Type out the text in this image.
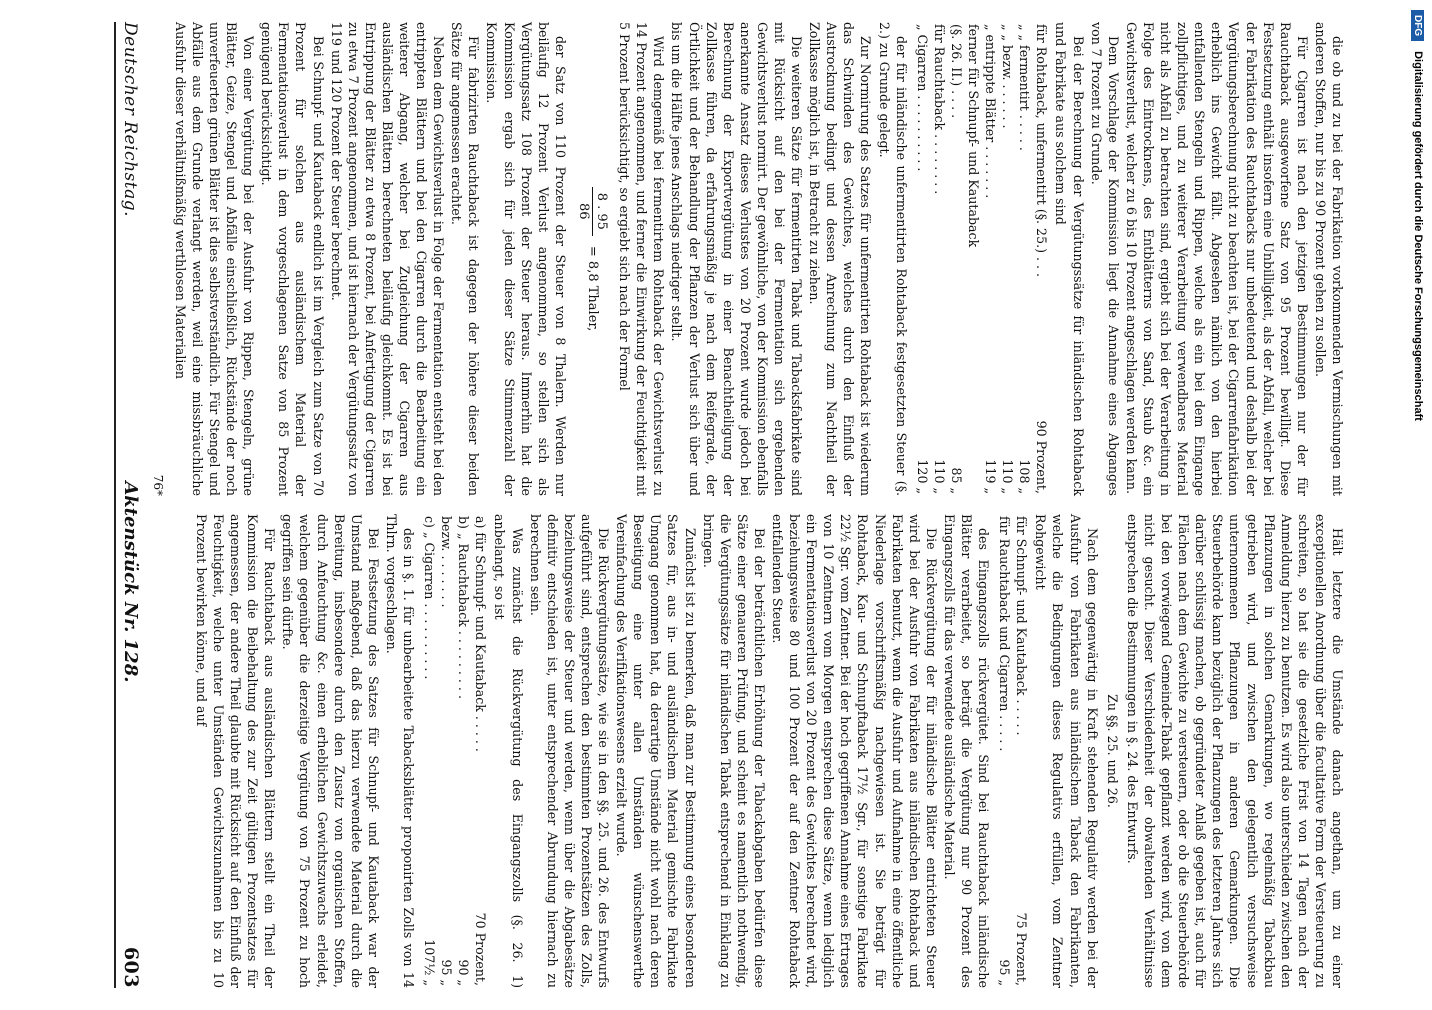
Deutscher Reichstag.
Aktenstück Nr. 128.
603	Hält letztere die Umstände danach angethan, um zu einer exceptionellen Anordnung über die facultative Form der Versteuerung zu schreiten, so hat sie die gesetzliche Frist von 14 Tagen nach der Anmeldung hierzu zu benutzen. Es wird also unterschieden zwischen den Pflanzungen in solchen Gemarkungen, wo regelmäßig Tabackbau getrieben wird, und zwischen den gelegentlich versuchsweise unternommenen Pflanzungen in anderen Gemarkungen. Die Steuerbehörde kann bezüglich der Pflanzungen des letzteren Jahres sich darüber schlüssig machen, ob gegründeter Anlaß gegeben ist, auch für Flächen nach dem Gewichte zu versteuern, oder ob die Steuerbehörde bei den vorwiegend Gemeinde-Tabak gepflanzt werden wird, von dem nicht gesucht. Dieser Verschiedenheit der obwaltenden Verhältnisse entsprechen die Bestimmungen in §. 24. des Entwurfs.

Zu §§. 25. und 26.

Nach dem gegenwärtig in Kraft stehenden Regulativ werden bei der Ausfuhr von Fabrikaten aus inländischem Taback den Fabrikanten, welche die Bedingungen dieses Regulativs erfüllen, vom Zentner Rohgewicht

für Schnupf- und Kautaback . . . . .	75 Prozent,
für Rauchtaback und Cigarren . . . . .	95 „

des Eingangszolls rückvergütet. Sind bei Rauchtaback inländische Blätter verarbeitet, so beträgt die Vergütung nur 90 Prozent des Eingangszolls für das verwendete ausländische Material.

Die Rückvergütung der für inländische Blätter entrichteten Steuer wird bei der Ausfuhr von Fabrikaten aus inländischen Rohtaback und Fabrikaten benutzt, wenn die Ausfuhr und Aufnahme in eine öffentliche Niederlage vorschriftsmäßig nachgewiesen ist. Sie beträgt für Rohtaback, Kau- und Schnupftaback 17½ Sgr., für sonstige Fabrikate 22½ Sgr. vom Zentner. Bei der hoch gegriffenen Annahme eines Ertrages von 10 Zentnern vom Morgen entsprechen diese Sätze, wenn lediglich ein Fermentationsverlust von 20 Prozent des Gewichtes berechnet wird, beziehungsweise 80 und 100 Prozent der auf den Zentner Rohtaback entfallenden Steuer.

Bei der beträchtlichen Erhöhung der Tabackabgaben bedürfen diese Sätze einer genaueren Prüfung, und scheint es namentlich nothwendig, die Vergütungssätze für inländischen Tabak entsprechend in Einklang zu bringen.

Zunächst ist zu bemerken, daß man zur Bestimmung eines besonderen Satzes für, aus in- und ausländischem Material gemischte Fabrikate Umgang genommen hat, da derartige Umstände nicht wohl nach deren Beseitigung eine unter allen Umständen wünschenswerthe Vereinfachung des Verifikationswesens erzielt wurde.

Die Rückvergütungssätze, wie sie in den §§. 25. und 26. des Entwurfs aufgeführt sind, entsprechen den bestimmten Prozentsätzen des Zolls, beziehungsweise der Steuer und werden, wenn über die Abgabesätze definitiv entschieden ist, unter entsprechender Abrundung hiernach zu berechnen sein.

Was zunächst die Rückvergütung des Eingangszolls (§. 26. 1) anbelangt, so ist

a) für Schnupf- und Kautaback . . . . .	70 Prozent,
b) „ Rauchtaback . . . . . . . . .	90 „
bezw. . . . . . . .	95 „
c) „ Cigarren . . . . . . . . . .	107½ „

des in §. 1. für unbearbeitete Tabacksblätter proponirten Zolls von 14 Thlrn. vorgeschlagen.

Bei Festsetzung des Satzes für Schnupf- und Kautaback war der Umstand maßgebend, daß das hierzu verwendete Material durch die Bereitung, insbesondere durch den Zusatz von organischen Stoffen, durch Anfeuchtung &c. einen erheblichen Gewichtszuwachs erleidet, welchem gegenüber die derzeitige Vergütung von 75 Prozent zu hoch gegriffen sein dürfte.

Für Rauchtaback aus ausländischen Blättern stellt ein Theil der Kommission die Beibehaltung des zur Zeit gültigen Prozentsatzes für angemessen, der andere Theil glaubte mit Rücksicht auf den Einfluß der Feuchtigkeit, welche unter Umständen Gewichtszunahmen bis zu 10 Prozent bewirken könne, und auf

die ob und zu bei der Fabrikation vorkommenden Vermischungen mit anderen Stoffen, nur bis zu 90 Prozent gehen zu sollen.

Für Cigarren ist nach den jetzigen Bestimmungen nur der für Rauchtaback ausgeworfene Satz von 95 Prozent bewilligt. Diese Festsetzung enthält insofern eine Unbilligkeit, als der Abfall, welcher bei der Fabrikation des Rauchtabacks nur unbedeutend und deshalb bei der Vergütungsberechnung nicht zu beachten ist, bei der Cigarrenfabrikation erheblich ins Gewicht fällt. Abgesehen nämlich von den hierbei entfallenden Stengeln und Rippen, welche als ein bei dem Eingange zollpflichtiges, und zu weiterer Verarbeitung verwendbares Material nicht als Abfall zu betrachten sind, ergiebt sich bei der Verarbeitung in Folge des Eintrocknens, des Entblätterns von Sand, Staub &c. ein Gewichtsverlust, welcher zu 6 bis 10 Prozent angeschlagen werden kann.

Dem Vorschlage der Kommission liegt die Annahme eines Abganges von 7 Prozent zu Grunde.

Bei der Berechnung der Vergütungssätze für inländischen Rohtaback und Fabrikate aus solchem sind

für Rohtaback, unfermentirt (§. 25.) . . .	90 Prozent,
„ „ fermentirt . . . . .	108 „
„ „ bezw. . . . . . .	110 „
„ entrippte Blätter . . . . . . .	119 „
ferner für Schnupf- und Kautaback	
(§. 26. II.) . . . .	85 „
für Rauchtaback . . . . . . . .	110 „
„ Cigarren . . . . . . . . . .	120 „

der für inländische unfermentirten Rohtaback festgesetzten Steuer (§. 2.) zu Grunde gelegt.

Zur Normirung des Satzes für unfermentirten Rohtaback ist wiederum das Schwinden des Gewichtes, welches durch den Einfluß der Austrocknung bedingt und dessen Anrechnung zum Nachtheil der Zollkasse möglich ist, in Betracht zu ziehen.

Die weiteren Sätze für fermentirten Tabak und Tabacksfabrikate sind mit Rücksicht auf den bei der Fermentation sich ergebenden Gewichtsverlust normirt. Der gewöhnliche, von der Kommission ebenfalls anerkannte Ansatz dieses Verlustes von 20 Prozent wurde jedoch bei Berechnung der Exportvergütung in einer Benachtheiligung der Zollkasse führen, da erfahrungsmäßig je nach dem Reifegrade, der Örtlichkeit und der Behandlung der Pflanzen der Verlust sich über und bis um die Hälfte jenes Anschlags niedriger stellt.

Wird demgemäß bei fermentirtem Rohtaback der Gewichtsverlust zu 14 Prozent angenommen, und ferner die Einwirkung der Feuchtigkeit mit 5 Prozent berücksichtigt, so ergiebt sich nach der Formel

8 . 95
86
= 8,8 Thaler,

der Satz von 110 Prozent der Steuer von 8 Thalern. Werden nur beiläufig 12 Prozent Verlust angenommen, so stellen sich als Vergütungssatz 108 Prozent der Steuer heraus. Immerhin hat die Kommission ergab sich für jeden dieser Sätze Stimmenzahl der Kommission.

Für fabrizirten Rauchtaback ist dagegen der höhere dieser beiden Sätze für angemessen erachtet.

Neben dem Gewichtsverlust in Folge der Fermentation entsteht bei den entrippten Blättern und bei den Cigarren durch die Bearbeitung ein weiterer Abgang, welcher bei Zugleichung der Cigarren aus ausländischen Blättern berechneten beiläufig gleichkommt. Es ist bei Entrippung der Blätter zu etwa 8 Prozent, bei Anfertigung der Cigarren zu etwa 7 Prozent angenommen, und ist hiernach der Vergütungssatz von 119 und 120 Prozent der Steuer berechnet.

Bei Schnupf- und Kautaback endlich ist im Vergleich zum Satze von 70 Prozent für solchen aus ausländischem Material der Fermentationsverlust in dem vorgeschlagenen Satze von 85 Prozent genügend berücksichtigt.

Von einer Vergütung bei der Ausfuhr von Rippen, Stengeln, grüne Blätter, Geize, Stengel und Abfälle einschließlich, Rückstände der noch unverfeuerten grünen Blätter ist dies selbstverständlich. Für Stengel und Abfälle aus dem Grunde verlangt werden, weil eine missbräuchliche Ausfuhr dieser verhältnißmäßig werthlosen Materialien

76*
DFG
Digitalisierung gefördert durch die Deutsche Forschungsgemeinschaft
